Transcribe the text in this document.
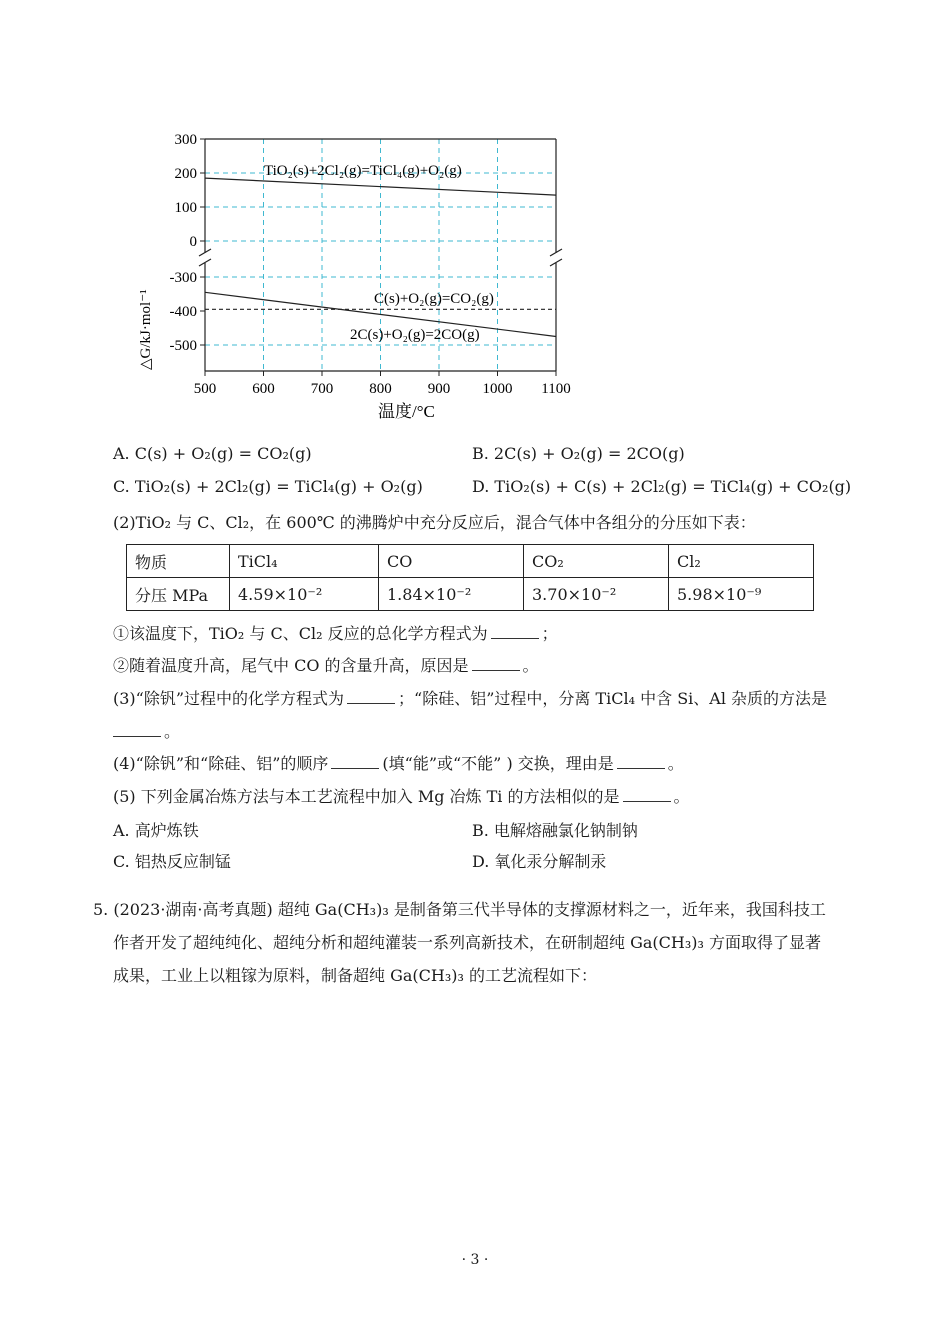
300
200
100
0
-300
-400
-500
500 600 700 800 900 1000 1100
△G/kJ·mol⁻¹
温度/°C
TiO₂(s)+2Cl₂(g)=TiCl₄(g)+O₂(g)
C(s)+O₂(g)=CO₂(g)
2C(s)+O₂(g)=2CO(g)
A. C(s) + O₂(g) = CO₂(g)	B. 2C(s) + O₂(g) = 2CO(g)
C. TiO₂(s) + 2Cl₂(g) = TiCl₄(g) + O₂(g)	D. TiO₂(s) + C(s) + 2Cl₂(g) = TiCl₄(g) + CO₂(g)
(2)TiO₂ 与 C、Cl₂，在 600℃ 的沸腾炉中充分反应后，混合气体中各组分的分压如下表：
物质	TiCl₄	CO	CO₂	Cl₂
分压 MPa	4.59×10⁻²	1.84×10⁻²	3.70×10⁻²	5.98×10⁻⁹
①该温度下，TiO₂ 与 C、Cl₂ 反应的总化学方程式为	；
②随着温度升高，尾气中 CO 的含量升高，原因是	。
(3)“除钒”过程中的化学方程式为	；“除硅、铝”过程中，分离 TiCl₄ 中含 Si、Al 杂质的方法是
。
(4)“除钒”和“除硅、铝”的顺序	(填“能”或“不能” ) 交换，理由是	。
(5) 下列金属冶炼方法与本工艺流程中加入 Mg 冶炼 Ti 的方法相似的是	。
A. 高炉炼铁	B. 电解熔融氯化钠制钠
C. 铝热反应制锰	D. 氧化汞分解制汞
5. (2023·湖南·高考真题) 超纯 Ga(CH₃)₃ 是制备第三代半导体的支撑源材料之一，近年来，我国科技工
作者开发了超纯纯化、超纯分析和超纯灌装一系列高新技术，在研制超纯 Ga(CH₃)₃ 方面取得了显著
成果，工业上以粗镓为原料，制备超纯 Ga(CH₃)₃ 的工艺流程如下：
· 3 ·
